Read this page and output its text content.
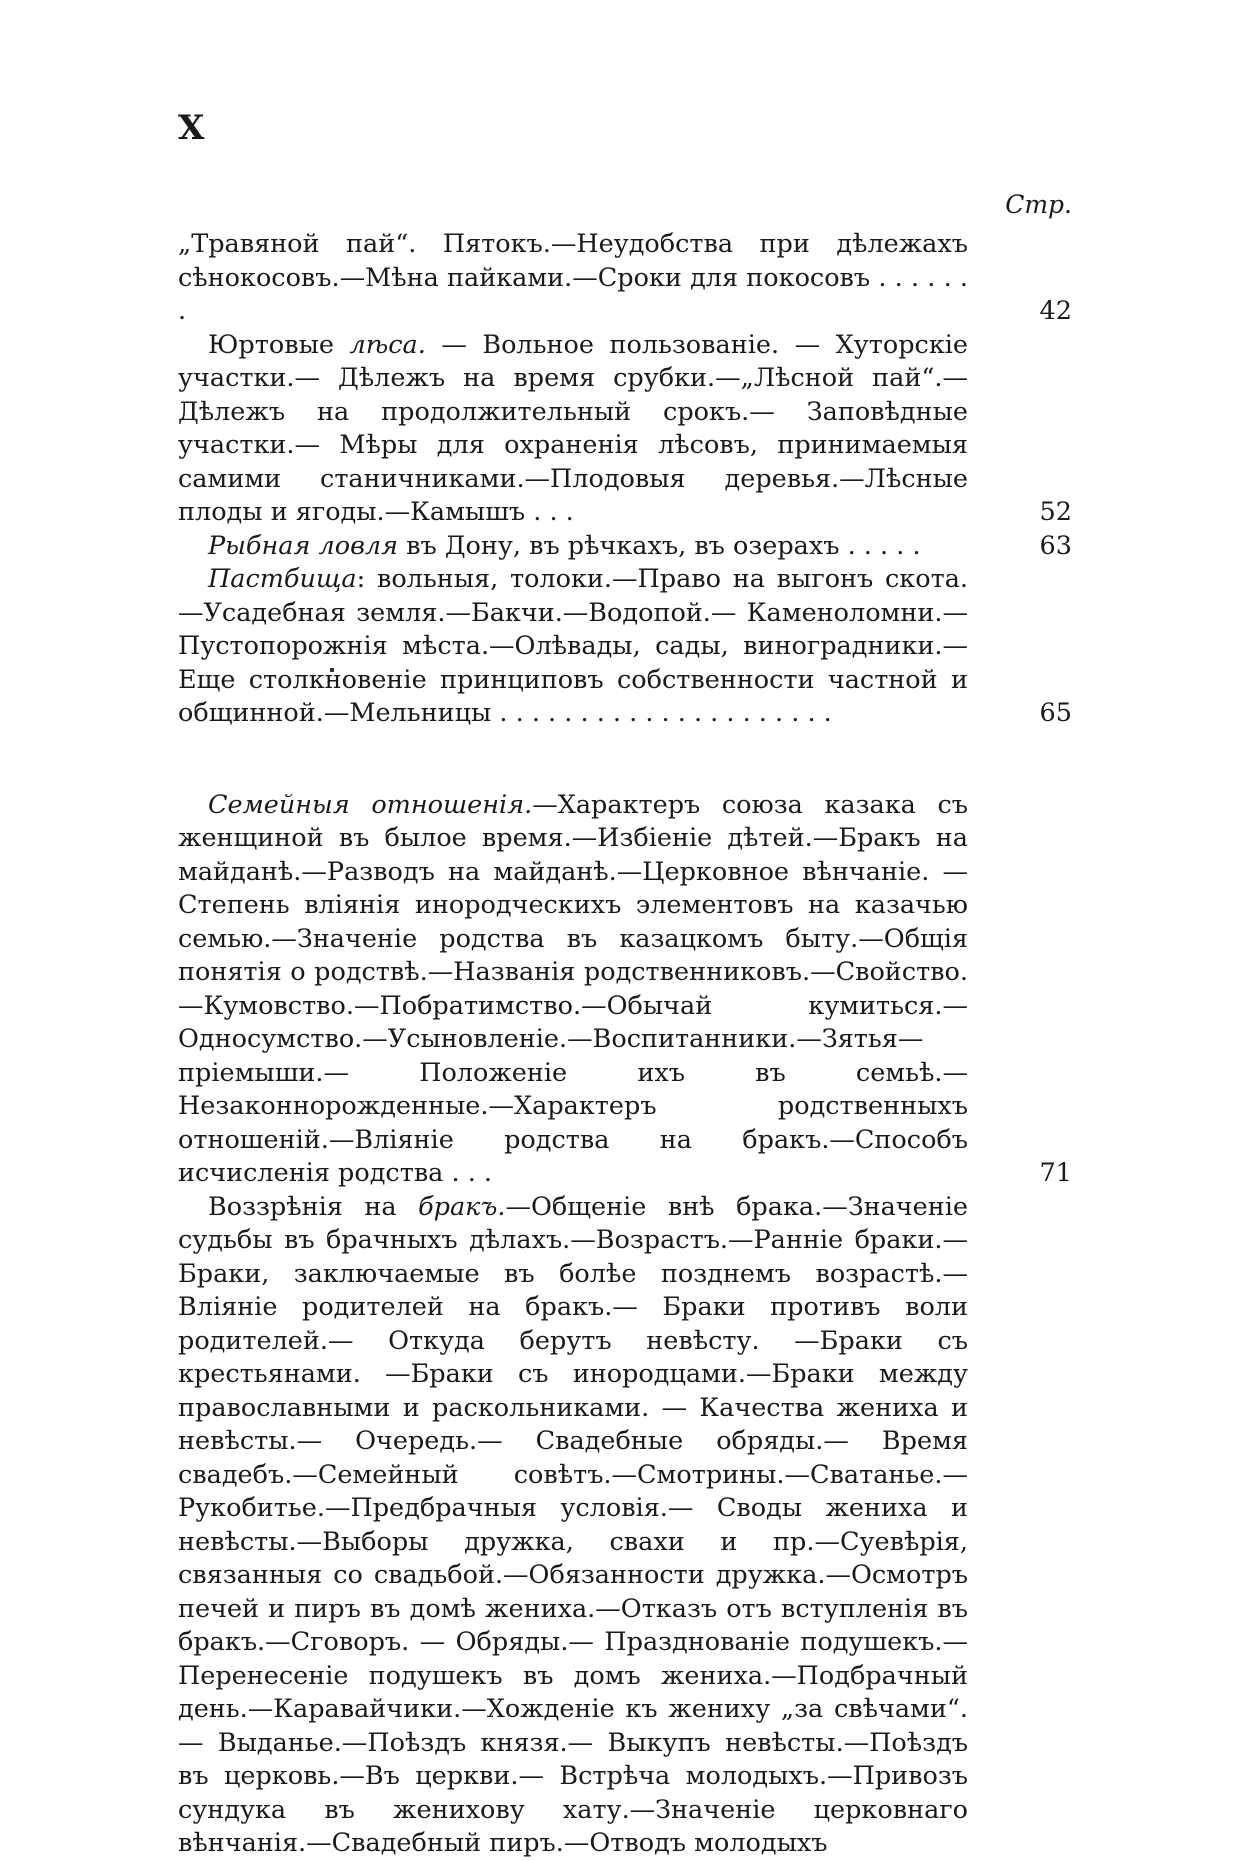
X
Стр.

„Травяной пай“. Пятокъ.—Неудобства при дѣлежахъ сѣнокосовъ.—Мѣна пайками.—Сроки для покосовъ . . . . . . .	42

Юртовые лѣса. — Вольное пользованіе. — Хуторскіе участки.— Дѣлежъ на время срубки.—„Лѣсной пай“.— Дѣлежъ на продолжительный срокъ.— Заповѣдные участки.— Мѣры для охраненія лѣсовъ, принимаемыя самими станичниками.—Плодовыя деревья.—Лѣсные плоды и ягоды.—Камышъ . . .	52

Рыбная ловля въ Дону, въ рѣчкахъ, въ озерахъ . . . . .	63

Пастбища: вольныя, толоки.—Право на выгонъ скота.—Усадебная земля.—Бакчи.—Водопой.— Каменоломни.— Пустопорожнія мѣста.—Олѣвады, сады, виноградники.—Еще столкновеніе принциповъ собственности частной и общинной.—Мельницы . . . . . . . . . . . . . . . . . . . . .	65

Семейныя отношенія.—Характеръ союза казака съ женщиной въ былое время.—Избіеніе дѣтей.—Бракъ на майданѣ.—Разводъ на майданѣ.—Церковное вѣнчаніе. — Степень вліянія инородческихъ элементовъ на казачью семью.—Значеніе родства въ казацкомъ быту.—Общія понятія о родствѣ.—Названія родственниковъ.—Свойство.—Кумовство.—Побратимство.—Обычай кумиться.—Односумство.—Усыновленіе.—Воспитанники.—Зятья—пріемыши.— Положеніе ихъ въ семьѣ.— Незаконнорожденные.—Характеръ родственныхъ отношеній.—Вліяніе родства на бракъ.—Способъ исчисленія родства . . .	71

Воззрѣнія на бракъ.—Общеніе внѣ брака.—Значеніе судьбы въ брачныхъ дѣлахъ.—Возрастъ.—Ранніе браки.—Браки, заключаемые въ болѣе позднемъ возрастѣ.—Вліяніе родителей на бракъ.— Браки противъ воли родителей.— Откуда берутъ невѣсту. —Браки съ крестьянами. —Браки съ инородцами.—Браки между православными и раскольниками. — Качества жениха и невѣсты.— Очередь.— Свадебные обряды.— Время свадебъ.—Семейный совѣтъ.—Смотрины.—Сватанье.— Рукобитье.—Предбрачныя условія.— Своды жениха и невѣсты.—Выборы дружка, свахи и пр.—Суевѣрія, связанныя со свадьбой.—Обязанности дружка.—Осмотръ печей и пиръ въ домѣ жениха.—Отказъ отъ вступленія въ бракъ.—Сговоръ. — Обряды.— Празднованіе подушекъ.— Перенесеніе подушекъ въ домъ жениха.—Подбрачный день.—Каравайчики.—Хожденіе къ жениху „за свѣчами“.— Выданье.—Поѣздъ князя.— Выкупъ невѣсты.—Поѣздъ въ церковь.—Въ церкви.— Встрѣча молодыхъ.—Привозъ сундука въ женихову хату.—Значеніе церковнаго вѣнчанія.—Свадебный пиръ.—Отводъ молодыхъ
